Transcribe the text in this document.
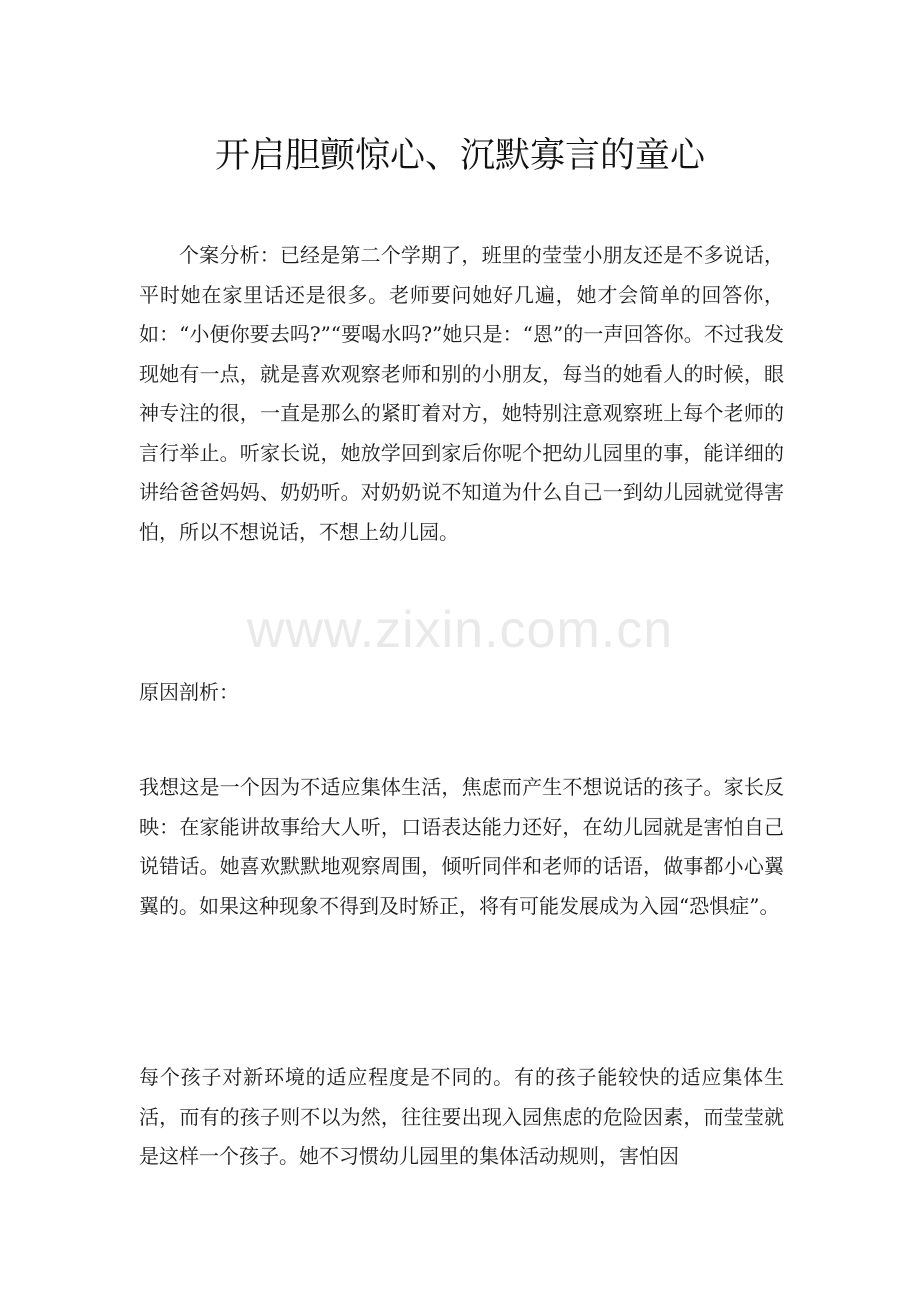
开启胆颤惊心、沉默寡言的童心

个案分析：已经是第二个学期了，班里的莹莹小朋友还是不多说话，平时她在家里话还是很多。老师要问她好几遍，她才会简单的回答你，如：“小便你要去吗?”“要喝水吗?”她只是：“恩”的一声回答你。不过我发现她有一点，就是喜欢观察老师和别的小朋友，每当的她看人的时候，眼神专注的很，一直是那么的紧盯着对方，她特别注意观察班上每个老师的言行举止。听家长说，她放学回到家后你呢个把幼儿园里的事，能详细的讲给爸爸妈妈、奶奶听。对奶奶说不知道为什么自己一到幼儿园就觉得害怕，所以不想说话，不想上幼儿园。

www.zixin.com.cn

原因剖析：

我想这是一个因为不适应集体生活，焦虑而产生不想说话的孩子。家长反映：在家能讲故事给大人听，口语表达能力还好，在幼儿园就是害怕自己说错话。她喜欢默默地观察周围，倾听同伴和老师的话语，做事都小心翼翼的。如果这种现象不得到及时矫正，将有可能发展成为入园“恐惧症”。

每个孩子对新环境的适应程度是不同的。有的孩子能较快的适应集体生活，而有的孩子则不以为然，往往要出现入园焦虑的危险因素，而莹莹就是这样一个孩子。她不习惯幼儿园里的集体活动规则，害怕因
